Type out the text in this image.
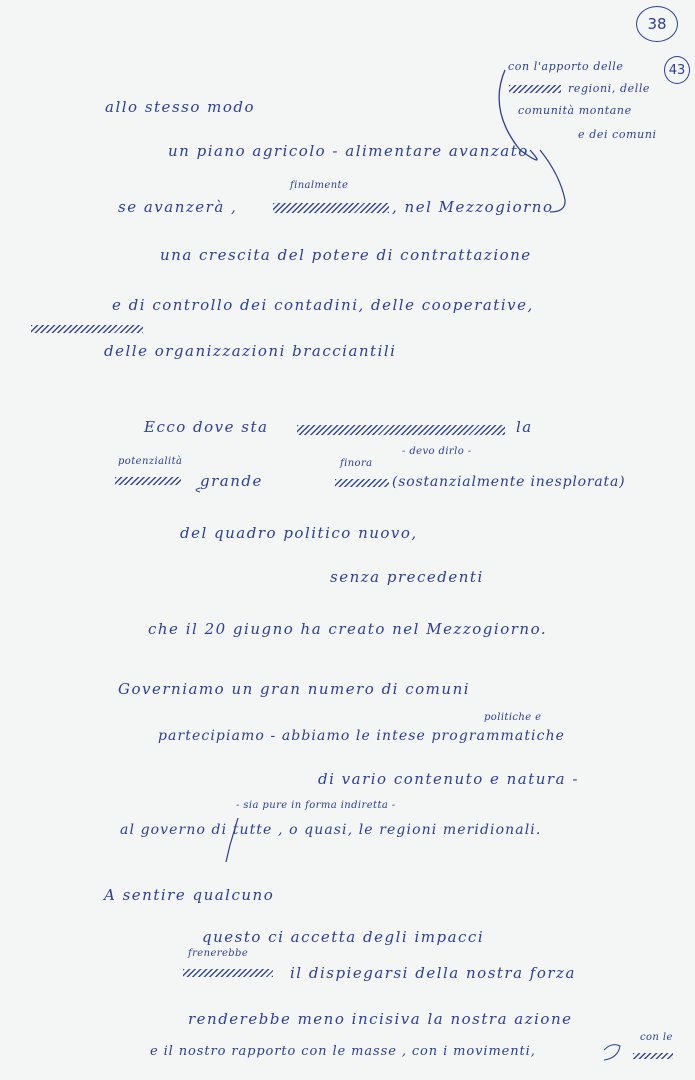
38
43
con l'apporto delle
regioni, delle
comunità montane
e dei comuni
allo stesso modo
un piano agricolo - alimentare avanzato
finalmente
se avanzerà ,	, nel Mezzogiorno
una crescita del potere di contrattazione
e di controllo dei contadini, delle cooperative,
delle organizzazioni bracciantili
Ecco dove sta	la
potenzialità
grande
finora
- devo dirlo -
(sostanzialmente inesplorata)
del quadro politico nuovo,
senza precedenti
che il 20 giugno ha creato nel Mezzogiorno.
Governiamo un gran numero di comuni
politiche e
partecipiamo - abbiamo le intese programmatiche
di vario contenuto e natura -
- sia pure in forma indiretta -
al governo di tutte , o quasi, le regioni meridionali.
A sentire qualcuno
questo ci accetta degli impacci
frenerebbe
il dispiegarsi della nostra forza
renderebbe meno incisiva la nostra azione
e il nostro rapporto con le masse , con i movimenti,
con le
